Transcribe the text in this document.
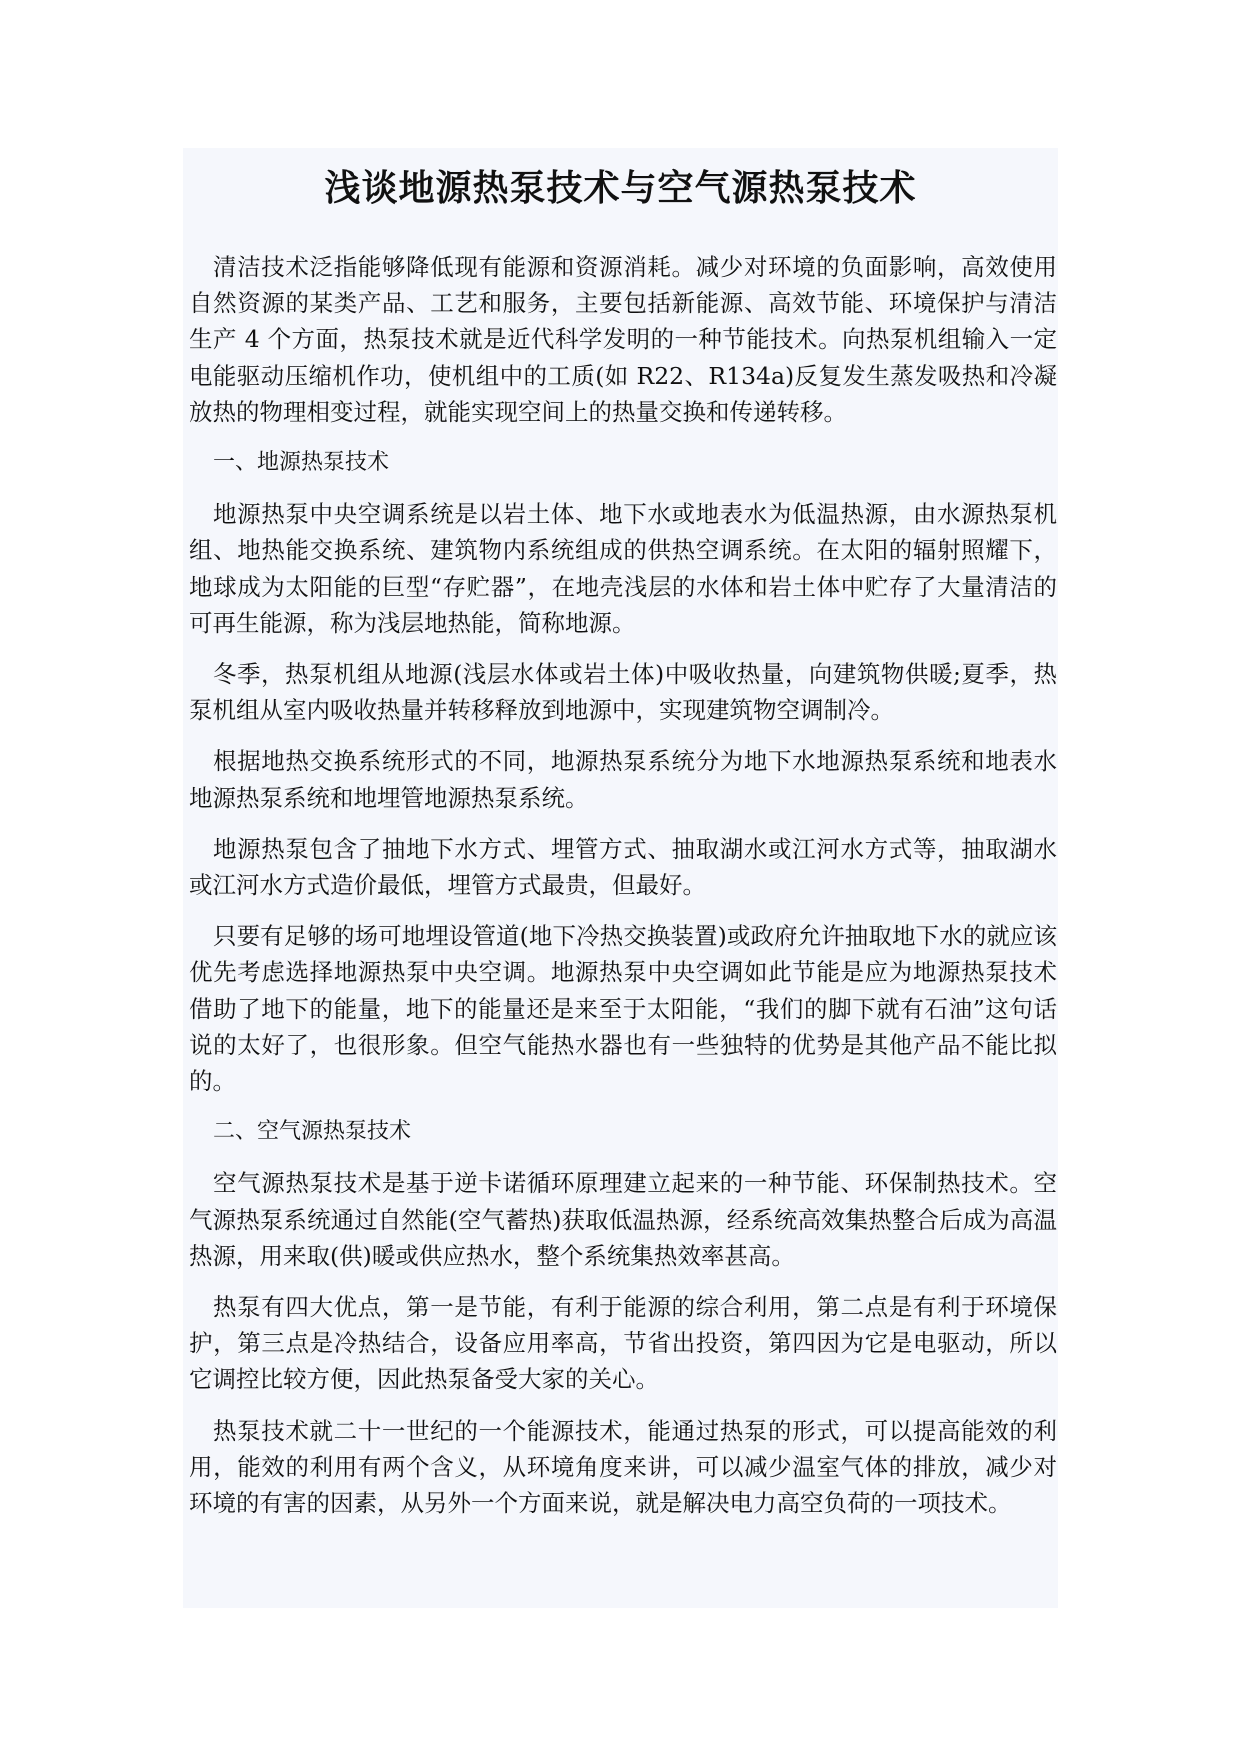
浅谈地源热泵技术与空气源热泵技术

清洁技术泛指能够降低现有能源和资源消耗。减少对环境的负面影响，高效使用自然资源的某类产品、工艺和服务，主要包括新能源、高效节能、环境保护与清洁生产 4 个方面，热泵技术就是近代科学发明的一种节能技术。向热泵机组输入一定电能驱动压缩机作功，使机组中的工质(如 R22、R134a)反复发生蒸发吸热和冷凝放热的物理相变过程，就能实现空间上的热量交换和传递转移。

一、地源热泵技术

地源热泵中央空调系统是以岩土体、地下水或地表水为低温热源，由水源热泵机组、地热能交换系统、建筑物内系统组成的供热空调系统。在太阳的辐射照耀下，地球成为太阳能的巨型“存贮器”，在地壳浅层的水体和岩土体中贮存了大量清洁的可再生能源，称为浅层地热能，简称地源。

冬季，热泵机组从地源(浅层水体或岩土体)中吸收热量，向建筑物供暖;夏季，热泵机组从室内吸收热量并转移释放到地源中，实现建筑物空调制冷。

根据地热交换系统形式的不同，地源热泵系统分为地下水地源热泵系统和地表水地源热泵系统和地埋管地源热泵系统。

地源热泵包含了抽地下水方式、埋管方式、抽取湖水或江河水方式等，抽取湖水或江河水方式造价最低，埋管方式最贵，但最好。

只要有足够的场可地埋设管道(地下冷热交换装置)或政府允许抽取地下水的就应该优先考虑选择地源热泵中央空调。地源热泵中央空调如此节能是应为地源热泵技术借助了地下的能量，地下的能量还是来至于太阳能，“我们的脚下就有石油”这句话说的太好了，也很形象。但空气能热水器也有一些独特的优势是其他产品不能比拟的。

二、空气源热泵技术

空气源热泵技术是基于逆卡诺循环原理建立起来的一种节能、环保制热技术。空气源热泵系统通过自然能(空气蓄热)获取低温热源，经系统高效集热整合后成为高温热源，用来取(供)暖或供应热水，整个系统集热效率甚高。

热泵有四大优点，第一是节能，有利于能源的综合利用，第二点是有利于环境保护，第三点是冷热结合，设备应用率高，节省出投资，第四因为它是电驱动，所以它调控比较方便，因此热泵备受大家的关心。

热泵技术就二十一世纪的一个能源技术，能通过热泵的形式，可以提高能效的利用，能效的利用有两个含义，从环境角度来讲，可以减少温室气体的排放，减少对环境的有害的因素，从另外一个方面来说，就是解决电力高空负荷的一项技术。
